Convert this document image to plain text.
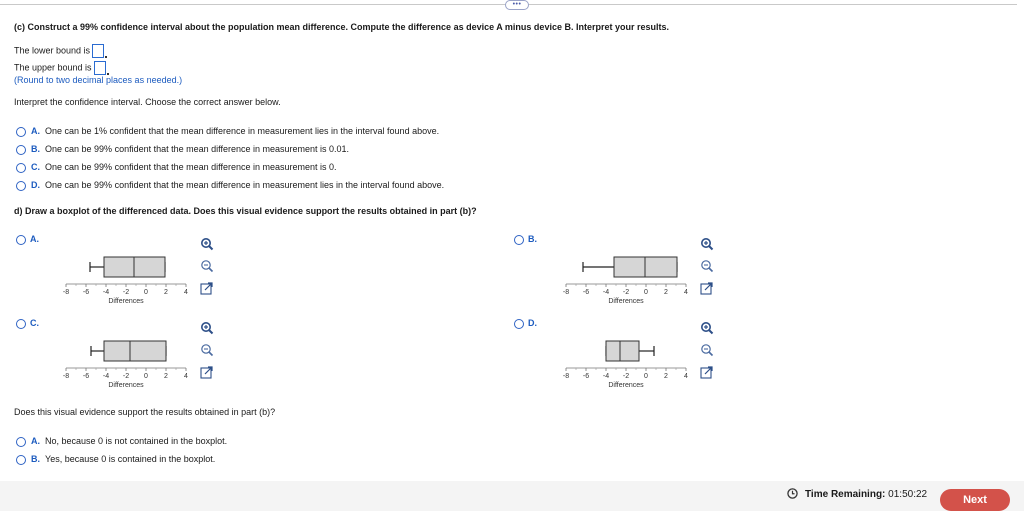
•••
(c) Construct a 99% confidence interval about the population mean difference. Compute the difference as device A minus device B. Interpret your results.
The lower bound is
The upper bound is
(Round to two decimal places as needed.)
Interpret the confidence interval. Choose the correct answer below.
A. One can be 1% confident that the mean difference in measurement lies in the interval found above.
B. One can be 99% confident that the mean difference in measurement is 0.01.
C. One can be 99% confident that the mean difference in measurement is 0.
D. One can be 99% confident that the mean difference in measurement lies in the interval found above.
d) Draw a boxplot of the differenced data. Does this visual evidence support the results obtained in part (b)?
A.	B.
C.	D.
-8 -6 -4 -2 0 2 4
Differences
-8 -6 -4 -2 0 2 4
Differences
-8 -6 -4 -2 0 2 4
Differences
-8 -6 -4 -2 0 2 4
Differences
Does this visual evidence support the results obtained in part (b)?
A. No, because 0 is not contained in the boxplot.
B. Yes, because 0 is contained in the boxplot.
Time Remaining: 01:50:22	Next
